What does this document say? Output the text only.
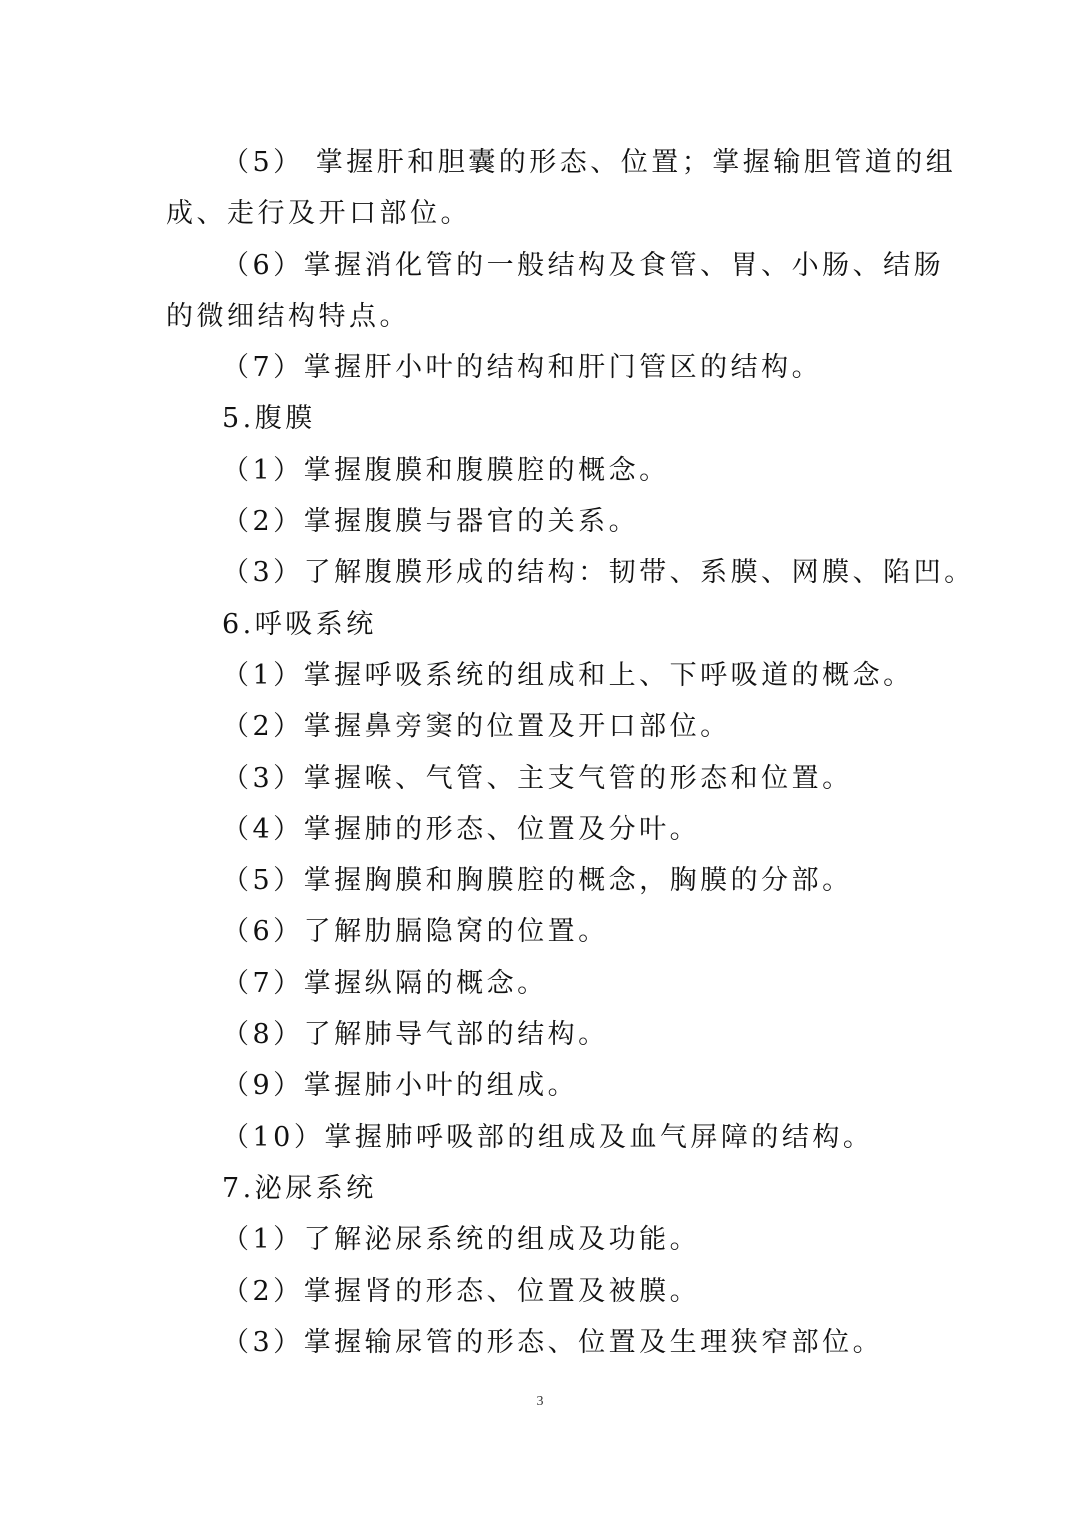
（5） 掌握肝和胆囊的形态、位置；掌握输胆管道的组
成、走行及开口部位。
（6）掌握消化管的一般结构及食管、胃、小肠、结肠
的微细结构特点。
（7）掌握肝小叶的结构和肝门管区的结构。
5.腹膜
（1）掌握腹膜和腹膜腔的概念。
（2）掌握腹膜与器官的关系。
（3）了解腹膜形成的结构：韧带、系膜、网膜、陷凹。
6.呼吸系统
（1）掌握呼吸系统的组成和上、下呼吸道的概念。
（2）掌握鼻旁窦的位置及开口部位。
（3）掌握喉、气管、主支气管的形态和位置。
（4）掌握肺的形态、位置及分叶。
（5）掌握胸膜和胸膜腔的概念，胸膜的分部。
（6）了解肋膈隐窝的位置。
（7）掌握纵隔的概念。
（8）了解肺导气部的结构。
（9）掌握肺小叶的组成。
（10）掌握肺呼吸部的组成及血气屏障的结构。
7.泌尿系统
（1）了解泌尿系统的组成及功能。
（2）掌握肾的形态、位置及被膜。
（3）掌握输尿管的形态、位置及生理狭窄部位。
3
